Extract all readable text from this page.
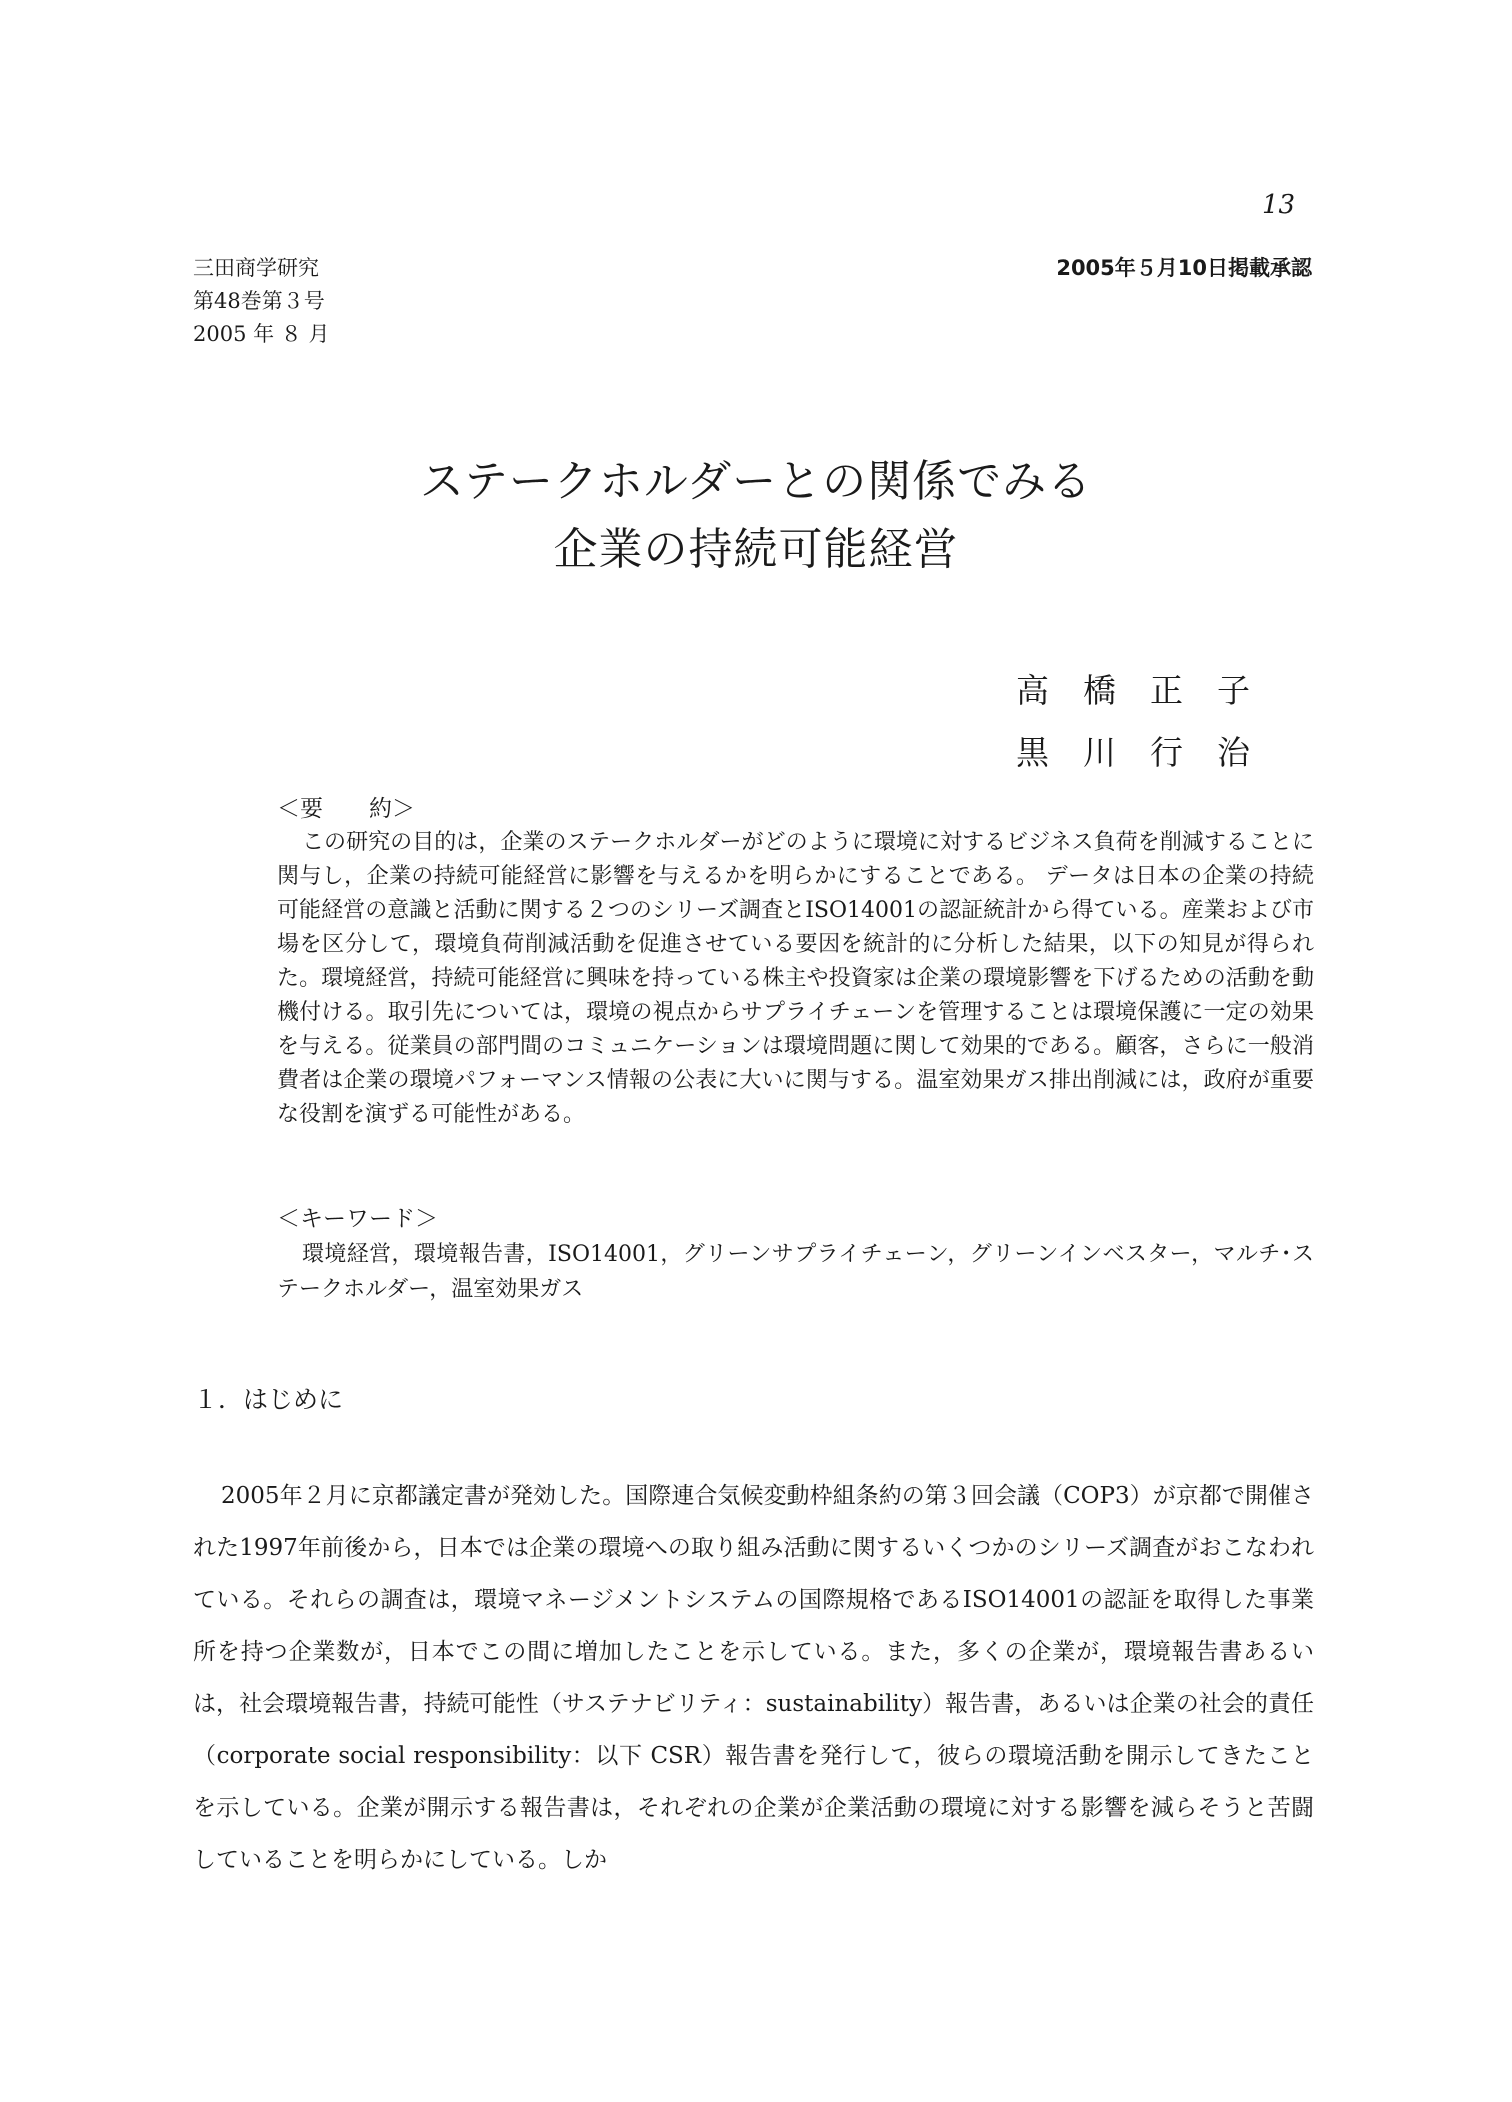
13
三田商学研究
第48巻第３号
2005 年 ８ 月
2005年５月10日掲載承認
ステークホルダーとの関係でみる
企業の持続可能経営
高橋正子
黒川行治
＜要　　約＞
この研究の目的は，企業のステークホルダーがどのように環境に対するビジネス負荷を削減することに関与し，企業の持続可能経営に影響を与えるかを明らかにすることである。 データは日本の企業の持続可能経営の意識と活動に関する２つのシリーズ調査とISO14001の認証統計から得ている。産業および市場を区分して，環境負荷削減活動を促進させている要因を統計的に分析した結果，以下の知見が得られた。環境経営，持続可能経営に興味を持っている株主や投資家は企業の環境影響を下げるための活動を動機付ける。取引先については，環境の視点からサプライチェーンを管理することは環境保護に一定の効果を与える。従業員の部門間のコミュニケーションは環境問題に関して効果的である。顧客，さらに一般消費者は企業の環境パフォーマンス情報の公表に大いに関与する。温室効果ガス排出削減には，政府が重要な役割を演ずる可能性がある。
＜キーワード＞
環境経営，環境報告書，ISO14001，グリーンサプライチェーン，グリーンインベスター，マルチ･ステークホルダー，温室効果ガス
１．はじめに
2005年２月に京都議定書が発効した。国際連合気候変動枠組条約の第３回会議（COP3）が京都で開催された1997年前後から，日本では企業の環境への取り組み活動に関するいくつかのシリーズ調査がおこなわれている。それらの調査は，環境マネージメントシステムの国際規格であるISO14001の認証を取得した事業所を持つ企業数が，日本でこの間に増加したことを示している。また，多くの企業が，環境報告書あるいは，社会環境報告書，持続可能性（サステナビリティ：sustainability）報告書，あるいは企業の社会的責任（corporate social responsibility：以下 CSR）報告書を発行して，彼らの環境活動を開示してきたことを示している。企業が開示する報告書は，それぞれの企業が企業活動の環境に対する影響を減らそうと苦闘していることを明らかにしている。しか
